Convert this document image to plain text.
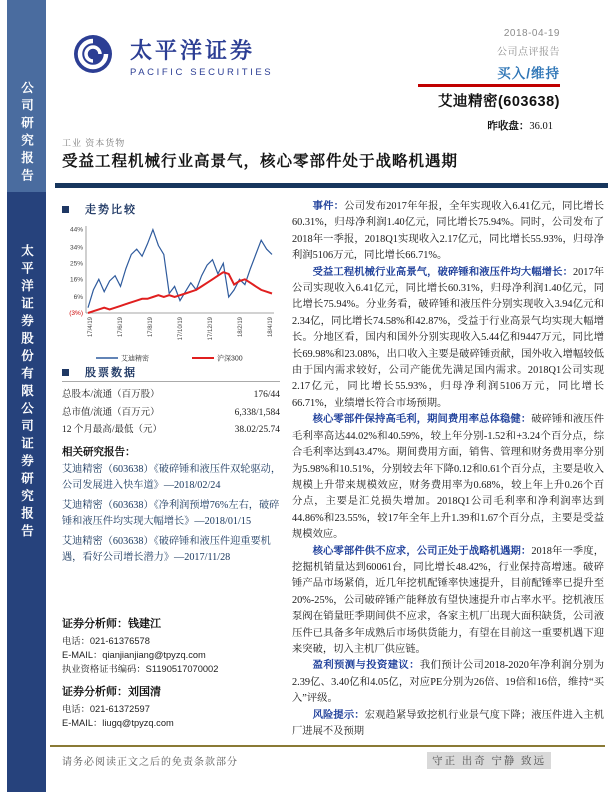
公司研究报告
太平洋证券股份有限公司证券研究报告
太平洋证券
PACIFIC SECURITIES
2018-04-19
公司点评报告
买入/维持
艾迪精密(603638)
昨收盘：36.01
工业 资本货物
受益工程机械行业高景气，核心零部件处于战略机遇期
走势比较
44%
34%
25%
16%
6%
(3%)
17/4/19	17/6/19	17/8/19	17/10/19	17/12/19	18/2/19	18/4/19
艾迪精密	沪深300
股票数据
总股本/流通（百万股）	176/44
总市值/流通（百万元）	6,338/1,584
12 个月最高/最低（元）	38.02/25.74
相关研究报告：
艾迪精密（603638）《破碎锤和液压件双轮驱动，公司发展进入快车道》—2018/02/24
艾迪精密（603638）《净利润预增76%左右，破碎锤和液压件均实现大幅增长》—2018/01/15
艾迪精密（603638）《破碎锤和液压件迎重要机遇，看好公司增长潜力》—2017/11/28
证券分析师：钱建江
电话：021-61376578
E-MAIL：qianjianjiang@tpyzq.com
执业资格证书编码：S1190517070002
证券分析师：刘国清
电话：021-61372597
E-MAIL：liugq@tpyzq.com
事件：公司发布2017年年报，全年实现收入6.41亿元，同比增长60.31%，归母净利润1.40亿元，同比增长75.94%。同时，公司发布了2018年一季报，2018Q1实现收入2.17亿元，同比增长55.93%，归母净利润5106万元，同比增长66.71%。
受益工程机械行业高景气，破碎锤和液压件均大幅增长：2017年公司实现收入6.41亿元，同比增长60.31%，归母净利润1.40亿元，同比增长75.94%。分业务看，破碎锤和液压件分别实现收入3.94亿元和2.34亿，同比增长74.58%和42.87%，受益于行业高景气均实现大幅增长。分地区看，国内和国外分别实现收入5.44亿和9447万元，同比增长69.98%和23.08%，出口收入主要是破碎锤贡献，国外收入增幅较低由于国内需求较好，公司产能优先满足国内需求。2018Q1公司实现2.17亿元，同比增长55.93%，归母净利润5106万元，同比增长66.71%，业绩增长符合市场预期。
核心零部件保持高毛利，期间费用率总体稳健：破碎锤和液压件毛利率高达44.02%和40.59%，较上年分别-1.52和+3.24个百分点，综合毛利率达到43.47%。期间费用方面，销售、管理和财务费用率分别为5.98%和10.51%，分别较去年下降0.12和0.61个百分点，主要是收入规模上升带来规模效应，财务费用率为0.68%，较上年上升0.26个百分点，主要是汇兑损失增加。2018Q1公司毛利率和净利润率达到44.86%和23.55%，较17年全年上升1.39和1.67个百分点，主要是受益规模效应。
核心零部件供不应求，公司正处于战略机遇期：2018年一季度，挖掘机销量达到60061台，同比增长48.42%，行业保持高增速。破碎锤产品市场紧俏，近几年挖机配锤率快速提升，目前配锤率已提升至20%-25%，公司破碎锤产能释放有望快速提升市占率水平。挖机液压泵阀在销量旺季期间供不应求，各家主机厂出现大面积缺货，公司液压件已具备多年成熟后市场供货能力，有望在目前这一重要机遇下迎来突破，切入主机厂供应链。
盈利预测与投资建议：我们预计公司2018-2020年净利润分别为2.39亿、3.40亿和4.05亿，对应PE分别为26倍、19倍和16倍，维持“买入”评级。
风险提示：宏观趋紧导致挖机行业景气度下降；液压件进入主机厂进展不及预期
请务必阅读正文之后的免责条款部分	守正 出奇 宁静 致远
